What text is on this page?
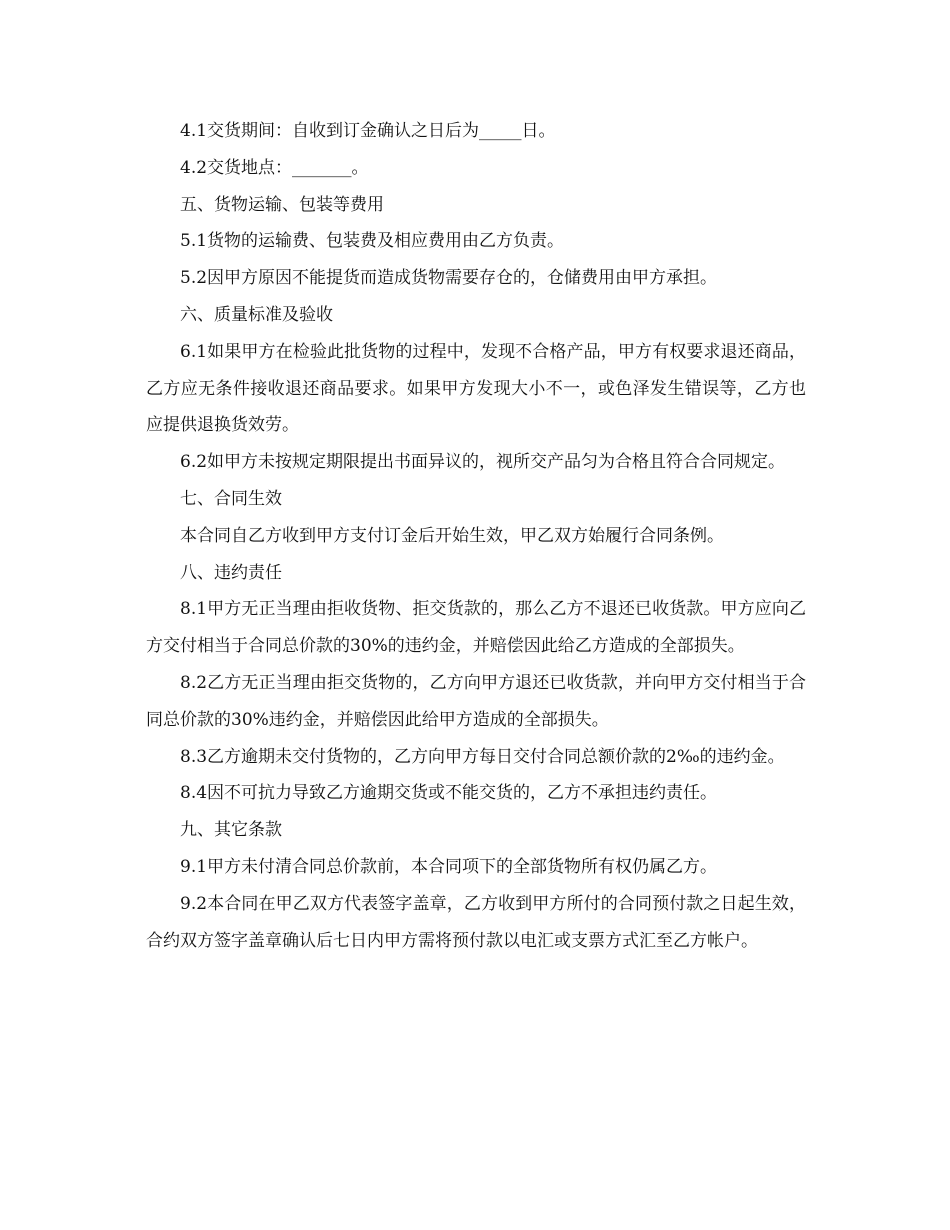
4.1交货期间：自收到订金确认之日后为_____日。

4.2交货地点：_______。

五、货物运输、包装等费用

5.1货物的运输费、包装费及相应费用由乙方负责。

5.2因甲方原因不能提货而造成货物需要存仓的，仓储费用由甲方承担。

六、质量标准及验收

6.1如果甲方在检验此批货物的过程中，发现不合格产品，甲方有权要求退还商品，乙方应无条件接收退还商品要求。如果甲方发现大小不一，或色泽发生错误等，乙方也应提供退换货效劳。

6.2如甲方未按规定期限提出书面异议的，视所交产品匀为合格且符合合同规定。

七、合同生效

本合同自乙方收到甲方支付订金后开始生效，甲乙双方始履行合同条例。

八、违约责任

8.1甲方无正当理由拒收货物、拒交货款的，那么乙方不退还已收货款。甲方应向乙方交付相当于合同总价款的30%的违约金，并赔偿因此给乙方造成的全部损失。

8.2乙方无正当理由拒交货物的，乙方向甲方退还已收货款，并向甲方交付相当于合同总价款的30%违约金，并赔偿因此给甲方造成的全部损失。

8.3乙方逾期未交付货物的，乙方向甲方每日交付合同总额价款的2‰的违约金。

8.4因不可抗力导致乙方逾期交货或不能交货的，乙方不承担违约责任。

九、其它条款

9.1甲方未付清合同总价款前，本合同项下的全部货物所有权仍属乙方。

9.2本合同在甲乙双方代表签字盖章，乙方收到甲方所付的合同预付款之日起生效，合约双方签字盖章确认后七日内甲方需将预付款以电汇或支票方式汇至乙方帐户。
